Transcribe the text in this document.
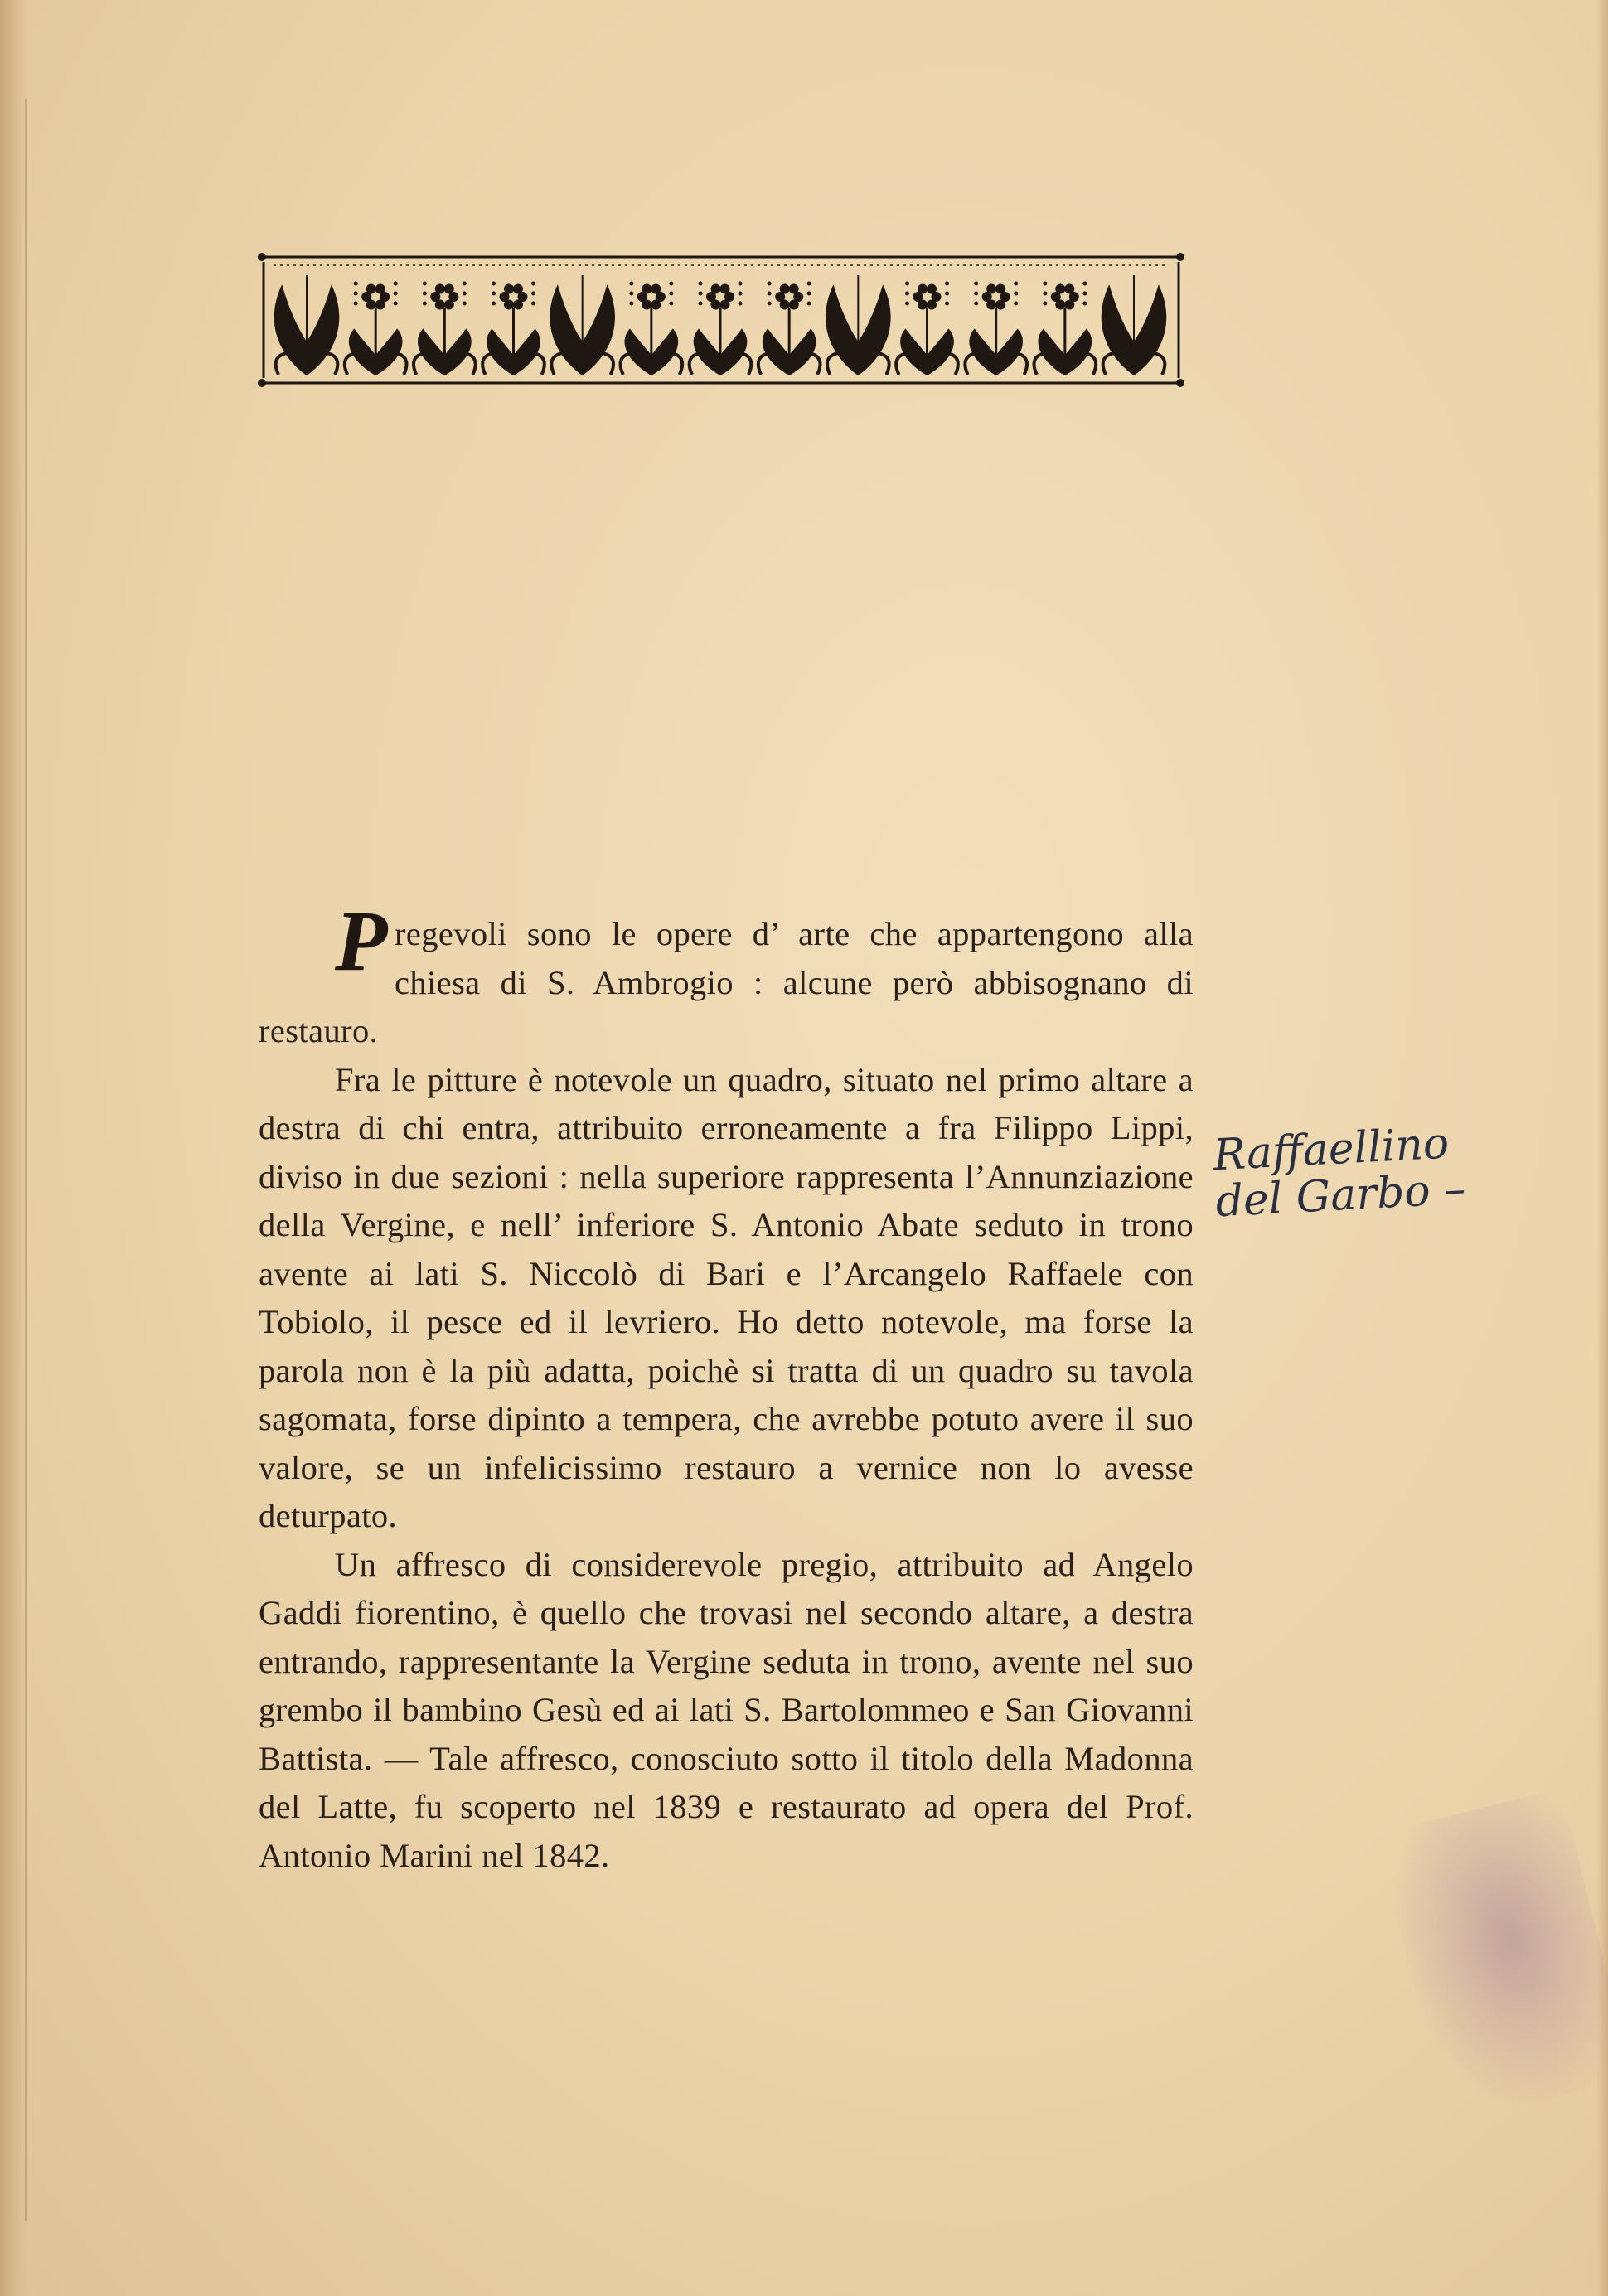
Pregevoli sono le opere d’ arte che appartengono alla chiesa di S. Ambrogio : alcune però abbisognano di restauro.

Fra le pitture è notevole un quadro, situato nel primo altare a destra di chi entra, attribuito erroneamente a fra Filippo Lippi, diviso in due sezioni : nella superiore rappresenta l’Annunziazione della Vergine, e nell’ inferiore S. Antonio Abate seduto in trono avente ai lati S. Niccolò di Bari e l’Arcangelo Raffaele con Tobiolo, il pesce ed il levriero. Ho detto notevole, ma forse la parola non è la più adatta, poichè si tratta di un quadro su tavola sagomata, forse dipinto a tempera, che avrebbe potuto avere il suo valore, se un infelicissimo restauro a vernice non lo avesse deturpato.

Un affresco di considerevole pregio, attribuito ad Angelo Gaddi fiorentino, è quello che trovasi nel secondo altare, a destra entrando, rappresentante la Vergine seduta in trono, avente nel suo grembo il bambino Gesù ed ai lati S. Bartolommeo e San Giovanni Battista. — Tale affresco, conosciuto sotto il titolo della Madonna del Latte, fu scoperto nel 1839 e restaurato ad opera del Prof. Antonio Marini nel 1842.

Raffaellino
del Garbo –
